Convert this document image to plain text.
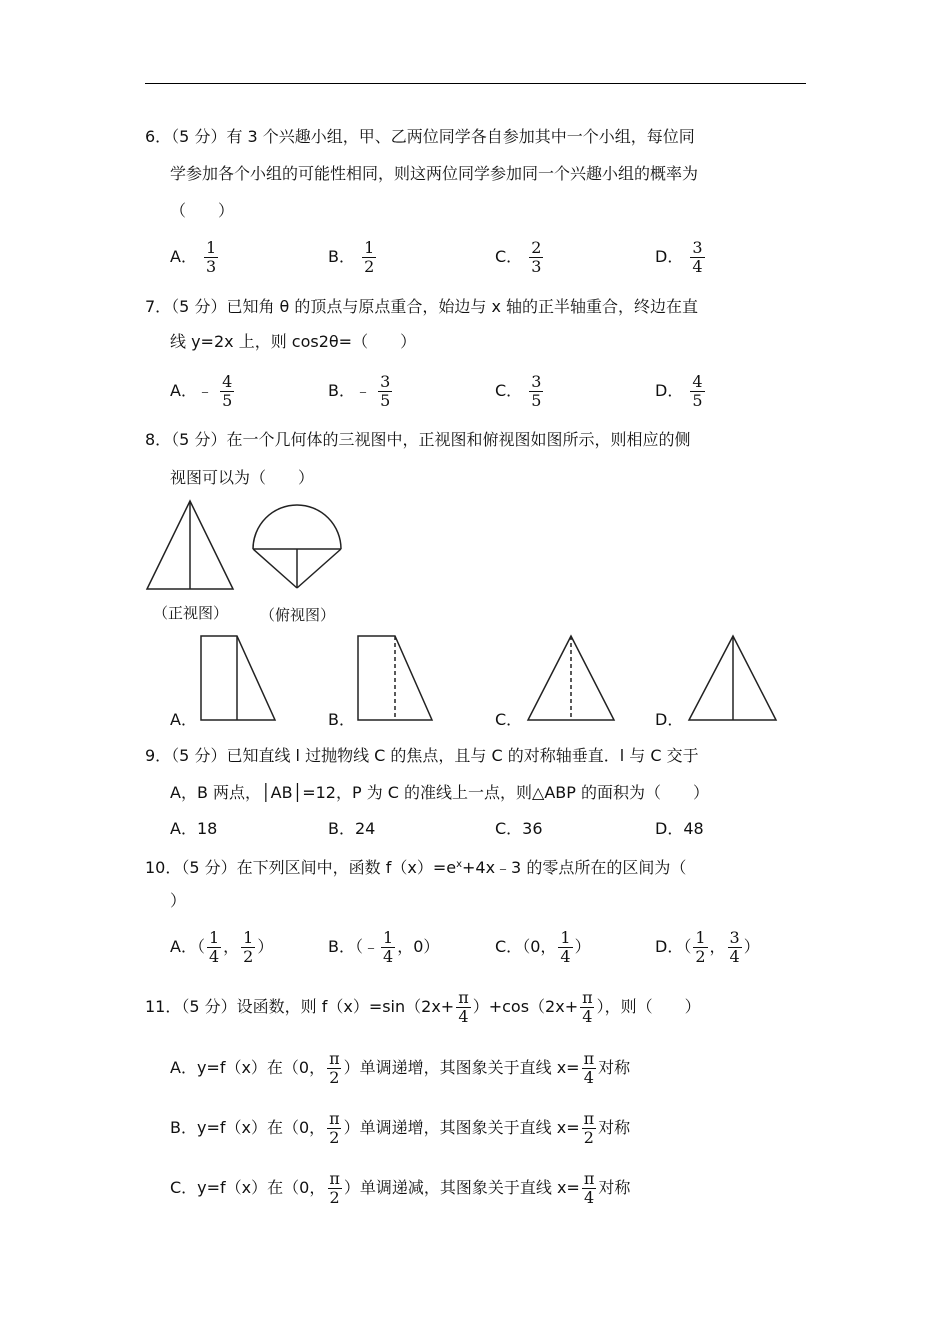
6．（5 分）有 3 个兴趣小组，甲、乙两位同学各自参加其中一个小组，每位同
学参加各个小组的可能性相同，则这两位同学参加同一个兴趣小组的概率为
（　　）
A． $\frac{1}{3}$	B． $\frac{1}{2}$	C． $\frac{2}{3}$	D． $\frac{3}{4}$
7．（5 分）已知角 θ 的顶点与原点重合，始边与 x 轴的正半轴重合，终边在直
线 y=2x 上，则 cos2θ=（　　）
A．﹣ $\frac{4}{5}$	B．﹣ $\frac{3}{5}$	C． $\frac{3}{5}$	D． $\frac{4}{5}$
8．（5 分）在一个几何体的三视图中，正视图和俯视图如图所示，则相应的侧
视图可以为（　　）
（正视图） （俯视图）
A．	B．	C．	D．
9．（5 分）已知直线 l 过抛物线 C 的焦点，且与 C 的对称轴垂直．l 与 C 交于
A，B 两点，│AB│=12，P 为 C 的准线上一点，则△ABP 的面积为（　　）
A．18	B．24	C．36	D．48
10．（5 分）在下列区间中，函数 $f(x)=e^x+4x﹣3$ 的零点所在的区间为（
）
A．（ $\frac{1}{4}$ ， $\frac{1}{2}$ ）	B．（﹣ $\frac{1}{4}$ ，0）	C．（0， $\frac{1}{4}$ ）	D．（ $\frac{1}{2}$ ， $\frac{3}{4}$ ）
11．（5 分）设函数，则 $f(x)=\sin(2x+ \frac{\pi}{4} )+\cos(2x+ \frac{\pi}{4}$ ），则（　　）
A．y=f（x）在（0， $\frac{\pi}{2}$ ）单调递增，其图象关于直线 $x= \frac{\pi}{4}$ 对称
B．y=f（x）在（0， $\frac{\pi}{2}$ ）单调递增，其图象关于直线 $x= \frac{\pi}{2}$ 对称
C．y=f（x）在（0， $\frac{\pi}{2}$ ）单调递减，其图象关于直线 $x= \frac{\pi}{4}$ 对称
